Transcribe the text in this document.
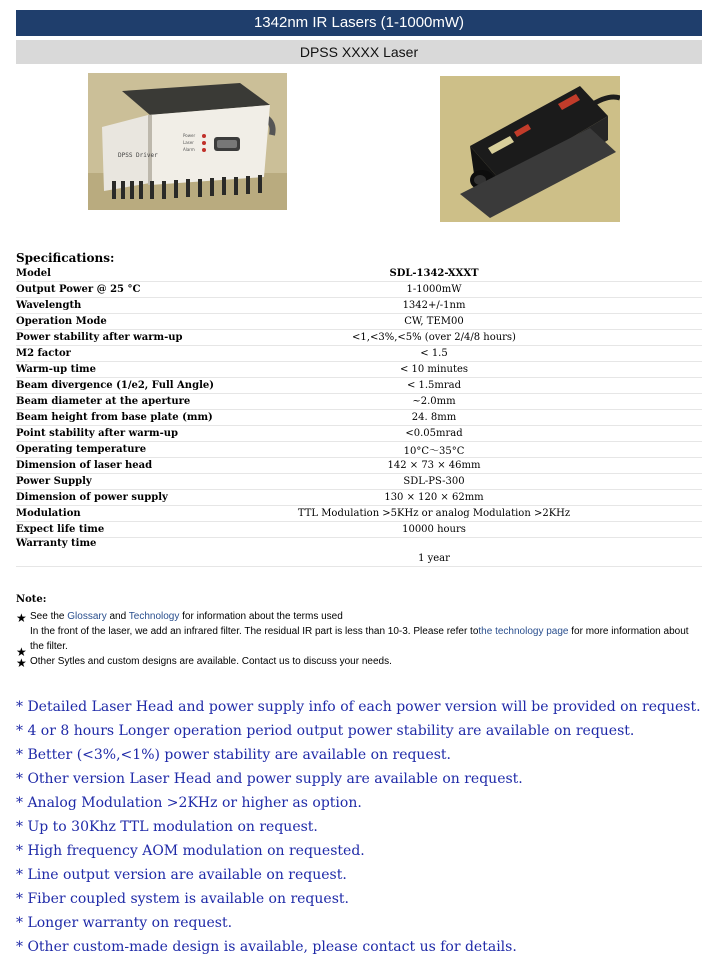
1342nm IR Lasers (1-1000mW)
DPSS XXXX Laser
DPSS Driver
Power
Laser
Alarm
Specifications:
Model	SDL-1342-XXXT
Output Power @ 25 °C	1-1000mW
Wavelength	1342+/-1nm
Operation Mode	CW, TEM00
Power stability after warm-up	<1,<3%,<5% (over 2/4/8 hours)
M2 factor	< 1.5
Warm-up time	< 10 minutes
Beam divergence (1/e2, Full Angle)	< 1.5mrad
Beam diameter at the aperture	~2.0mm
Beam height from base plate (mm)	24. 8mm
Point stability after warm-up	<0.05mrad
Operating temperature	10°C～35°C
Dimension of laser head	142 × 73 × 46mm
Power Supply	SDL-PS-300
Dimension of power supply	130 × 120 × 62mm
Modulation	TTL Modulation >5KHz or analog Modulation >2KHz
Expect life time	10000 hours
Warranty time	1 year
Note:
★ See the Glossary and Technology for information about the terms used
★
In the front of the laser, we add an infrared filter. The residual IR part is less than 10-3. Please refer tothe technology page for more information about the filter.
★ Other Sytles and custom designs are available. Contact us to discuss your needs.
* Detailed Laser Head and power supply info of each power version will be provided on request.
* 4 or 8 hours Longer operation period output power stability are available on request.
* Better (<3%,<1%) power stability are available on request.
* Other version Laser Head and power supply are available on request.
* Analog Modulation >2KHz or higher as option.
* Up to 30Khz TTL modulation on request.
* High frequency AOM modulation on requested.
* Line output version are available on request.
* Fiber coupled system is available on request.
* Longer warranty on request.
* Other custom-made design is available, please contact us for details.
